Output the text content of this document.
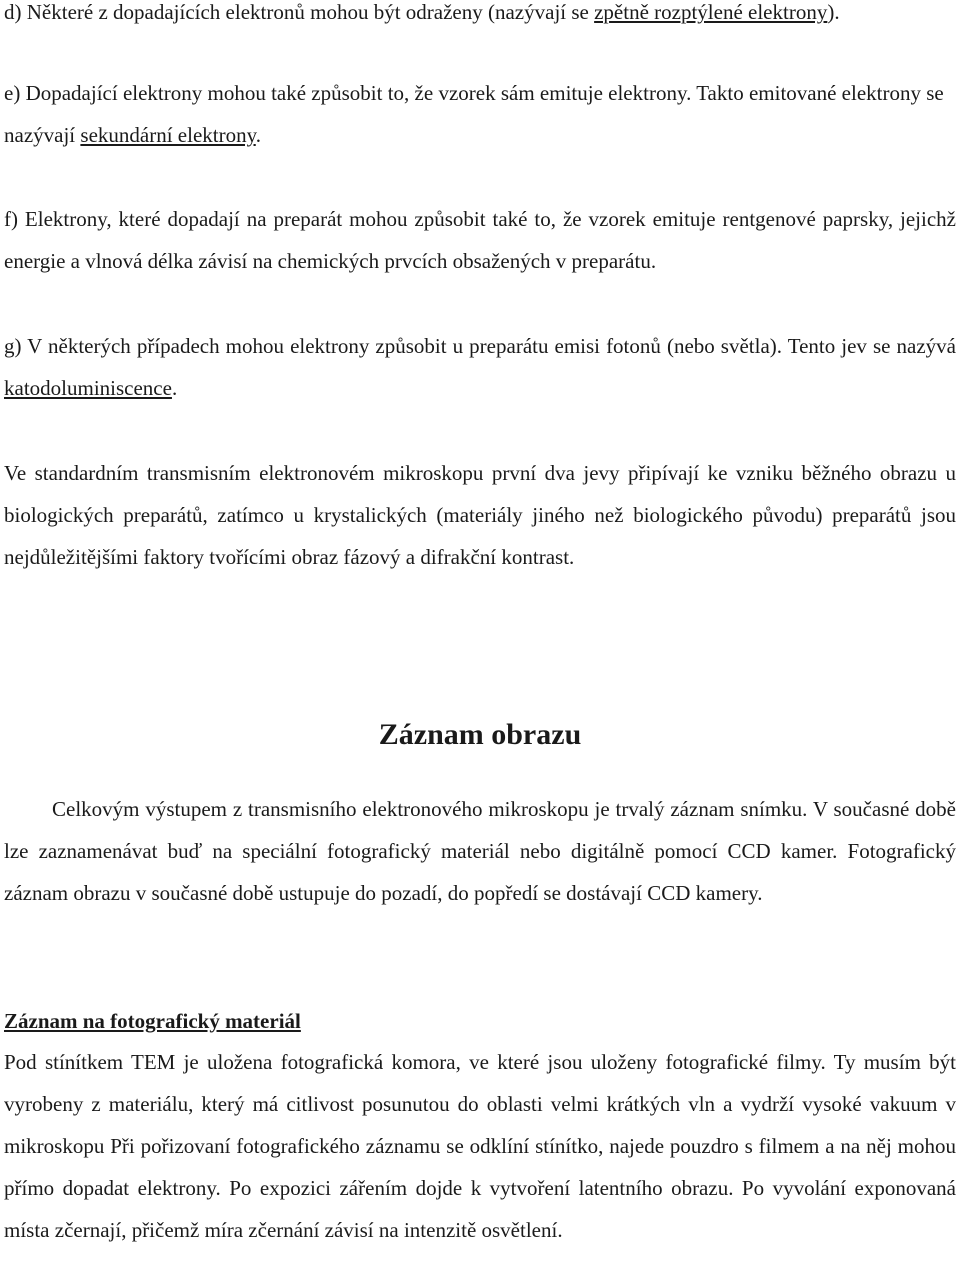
d) Některé z dopadajících elektronů mohou být odraženy (nazývají se zpětně rozptýlené elektrony).

e) Dopadající elektrony mohou také způsobit to, že vzorek sám emituje elektrony. Takto emitované elektrony se nazývají sekundární elektrony.

f) Elektrony, které dopadají na preparát mohou způsobit také to, že vzorek emituje rentgenové paprsky, jejichž energie a vlnová délka závisí na chemických prvcích obsažených v preparátu.

g) V některých případech mohou elektrony způsobit u preparátu emisi fotonů (nebo světla). Tento jev se nazývá katodoluminiscence.

Ve standardním transmisním elektronovém mikroskopu první dva jevy připívají ke vzniku běžného obrazu u biologických preparátů, zatímco u krystalických (materiály jiného než biologického původu) preparátů jsou nejdůležitějšími faktory tvořícími obraz fázový a difrakční kontrast.

Záznam obrazu

Celkovým výstupem z transmisního elektronového mikroskopu je trvalý záznam snímku. V současné době lze zaznamenávat buď na speciální fotografický materiál nebo digitálně pomocí CCD kamer. Fotografický záznam obrazu v současné době ustupuje do pozadí, do popředí se dostávají CCD kamery.

Záznam na fotografický materiál

Pod stínítkem TEM je uložena fotografická komora, ve které jsou uloženy fotografické filmy. Ty musím být vyrobeny z materiálu, který má citlivost posunutou do oblasti velmi krátkých vln a vydrží vysoké vakuum v mikroskopu Při pořizovaní fotografického záznamu se odklíní stínítko, najede pouzdro s filmem a na něj mohou přímo dopadat elektrony. Po expozici zářením dojde k vytvoření latentního obrazu. Po vyvolání exponovaná místa zčernají, přičemž míra zčernání závisí na intenzitě osvětlení.
